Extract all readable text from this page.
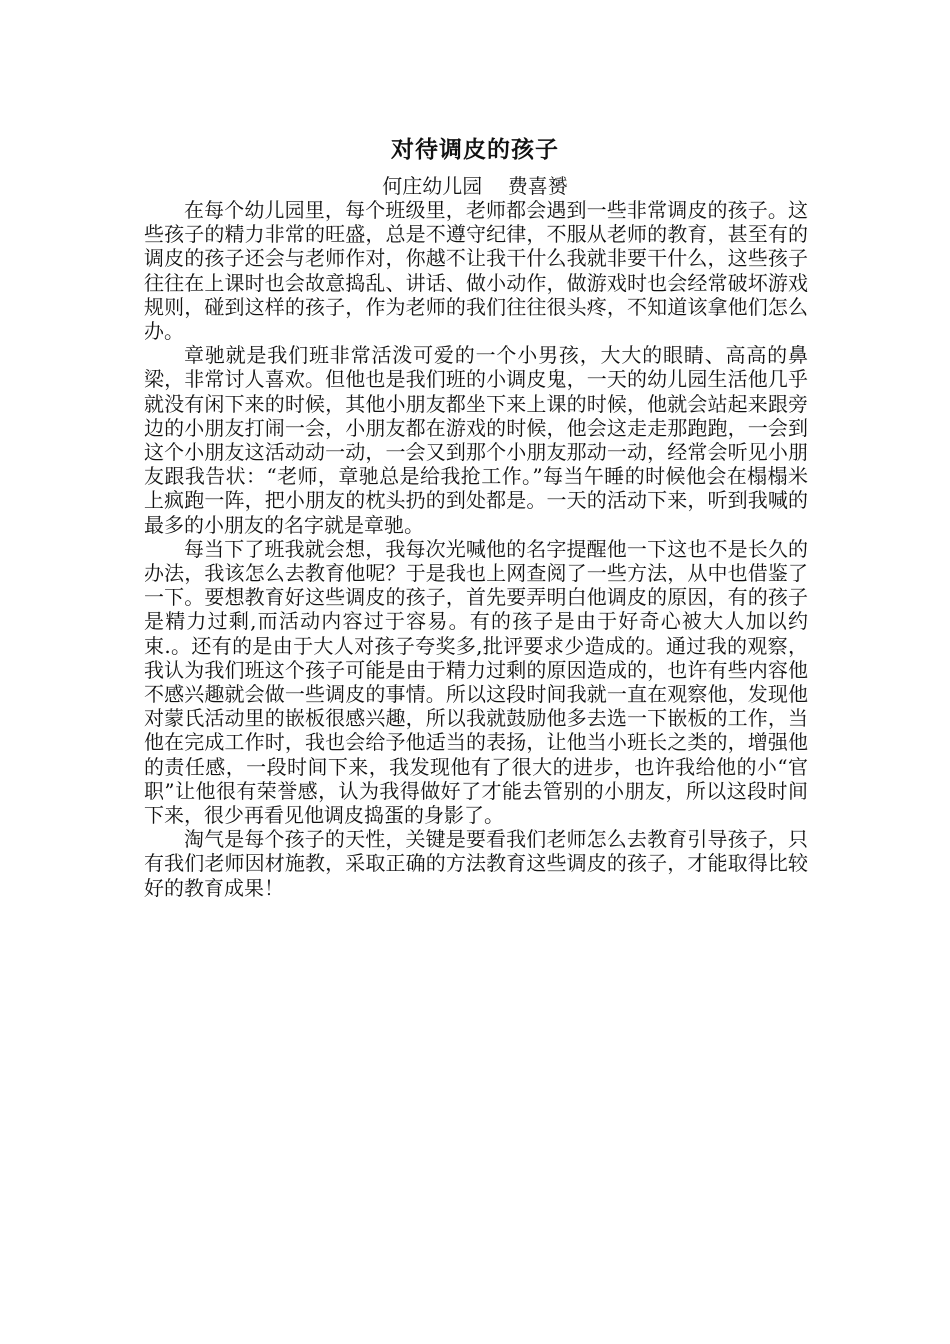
对待调皮的孩子
何庄幼儿园    费喜赟

在每个幼儿园里，每个班级里，老师都会遇到一些非常调皮的孩子。这些孩子的精力非常的旺盛，总是不遵守纪律，不服从老师的教育，甚至有的调皮的孩子还会与老师作对，你越不让我干什么我就非要干什么，这些孩子往往在上课时也会故意捣乱、讲话、做小动作，做游戏时也会经常破坏游戏规则，碰到这样的孩子，作为老师的我们往往很头疼，不知道该拿他们怎么办。

章驰就是我们班非常活泼可爱的一个小男孩，大大的眼睛、高高的鼻梁，非常讨人喜欢。但他也是我们班的小调皮鬼，一天的幼儿园生活他几乎就没有闲下来的时候，其他小朋友都坐下来上课的时候，他就会站起来跟旁边的小朋友打闹一会，小朋友都在游戏的时候，他会这走走那跑跑，一会到这个小朋友这活动动一动，一会又到那个小朋友那动一动，经常会听见小朋友跟我告状：“老师，章驰总是给我抢工作。”每当午睡的时候他会在榻榻米上疯跑一阵，把小朋友的枕头扔的到处都是。一天的活动下来，听到我喊的最多的小朋友的名字就是章驰。

每当下了班我就会想，我每次光喊他的名字提醒他一下这也不是长久的办法，我该怎么去教育他呢？于是我也上网查阅了一些方法，从中也借鉴了一下。要想教育好这些调皮的孩子，首先要弄明白他调皮的原因，有的孩子是精力过剩,而活动内容过于容易。有的孩子是由于好奇心被大人加以约束.。还有的是由于大人对孩子夸奖多,批评要求少造成的。通过我的观察，我认为我们班这个孩子可能是由于精力过剩的原因造成的，也许有些内容他不感兴趣就会做一些调皮的事情。所以这段时间我就一直在观察他，发现他对蒙氏活动里的嵌板很感兴趣，所以我就鼓励他多去选一下嵌板的工作，当他在完成工作时，我也会给予他适当的表扬，让他当小班长之类的，增强他的责任感，一段时间下来，我发现他有了很大的进步，也许我给他的小“官职”让他很有荣誉感，认为我得做好了才能去管别的小朋友，所以这段时间下来，很少再看见他调皮捣蛋的身影了。

淘气是每个孩子的天性，关键是要看我们老师怎么去教育引导孩子，只有我们老师因材施教，采取正确的方法教育这些调皮的孩子，才能取得比较好的教育成果！
